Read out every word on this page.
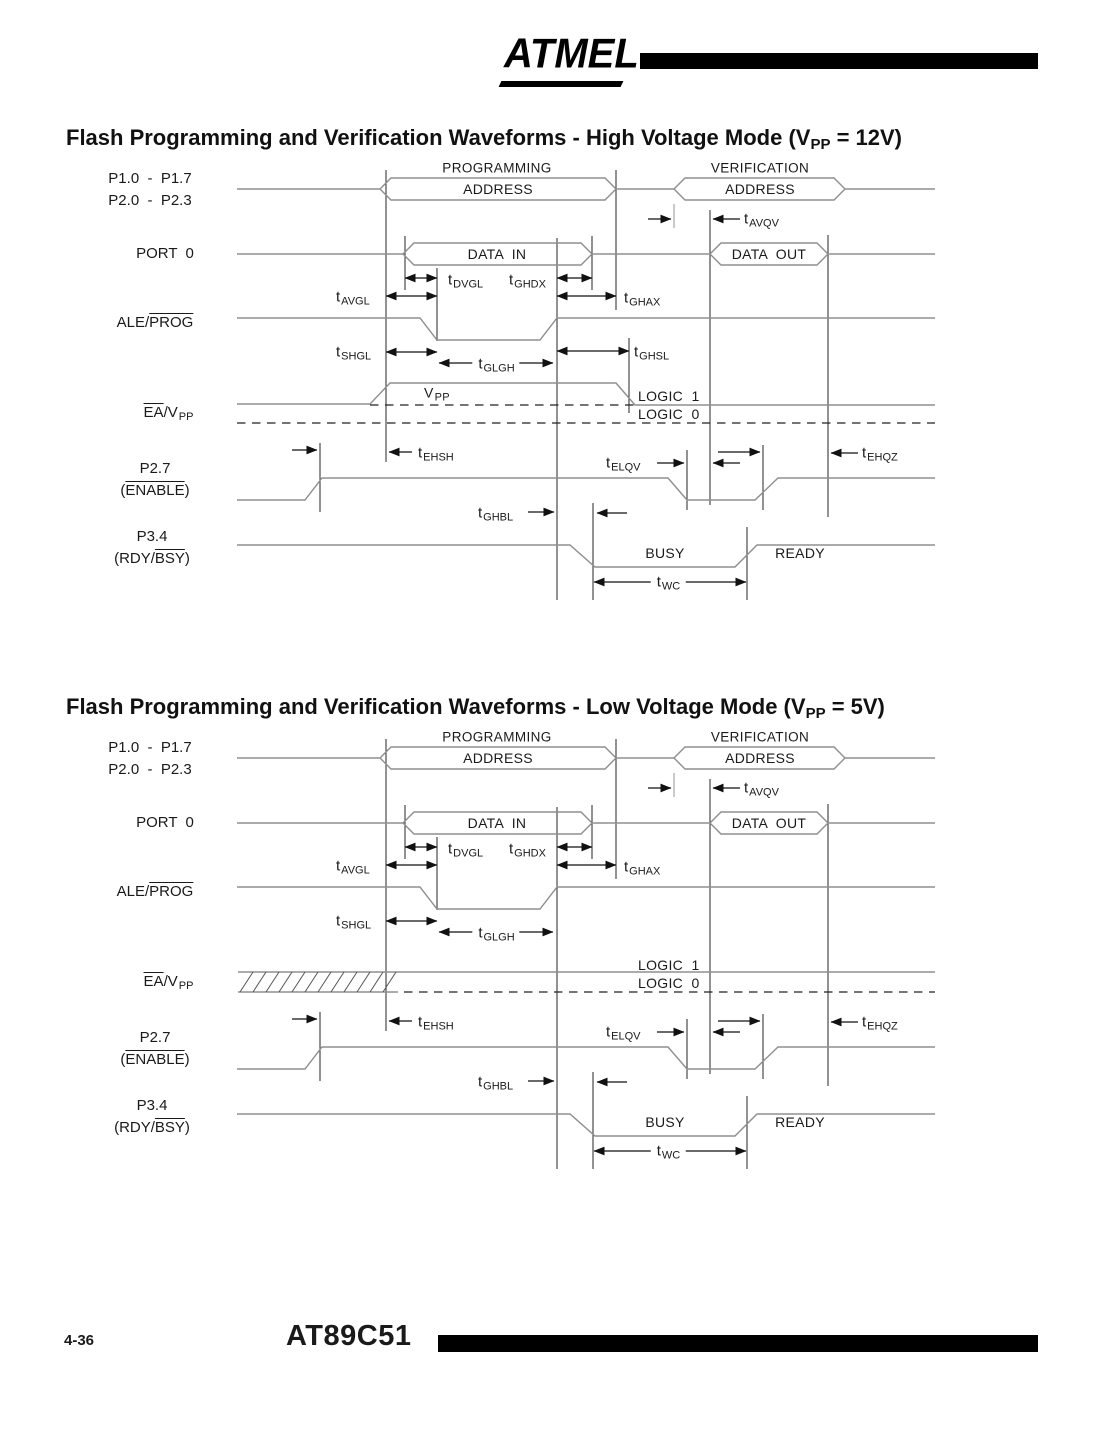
ATMEL
Flash Programming and Verification Waveforms - High Voltage Mode $(V_{PP} = 12V)$
Flash Programming and Verification Waveforms - Low Voltage Mode $(V_{PP} = 5V)$
P1.0  -  P1.7
P2.0  -  P2.3
PORT  0
ALE/PROG
$\overline{EA}/V_{PP}$
P2.7
(ENABLE)
P3.4
$(RDY/\overline{BSY})$
PROGRAMMING	VERIFICATION
ADDRESS	ADDRESS
DATA  IN	DATA  OUT
$V_{PP}$	LOGIC  1
LOGIC  0
BUSY	READY
$t_{AVQV}$
$t_{DVGL}$ $t_{GHDX}$
$t_{AVGL}$	$t_{GHAX}$
$t_{SHGL}$	$t_{GLGH}$
$t_{GHSL}$
$t_{EHSH}$	$t_{ELQV}$
$t_{EHQZ}$
$t_{GHBL}$
$t_{WC}$
P1.0  -  P1.7
P2.0  -  P2.3
PORT  0
ALE/PROG
$\overline{EA}/V_{PP}$
P2.7
(ENABLE)
P3.4
$(RDY/\overline{BSY})$
PROGRAMMING	VERIFICATION
ADDRESS	ADDRESS
DATA  IN	DATA  OUT
LOGIC  1
LOGIC  0
BUSY	READY
$t_{AVQV}$
$t_{DVGL}$ $t_{GHDX}$
$t_{AVGL}$	$t_{GHAX}$
$t_{SHGL}$	$t_{GLGH}$
$t_{EHSH}$	$t_{ELQV}$
$t_{EHQZ}$
$t_{GHBL}$
$t_{WC}$
4-36	AT89C51
